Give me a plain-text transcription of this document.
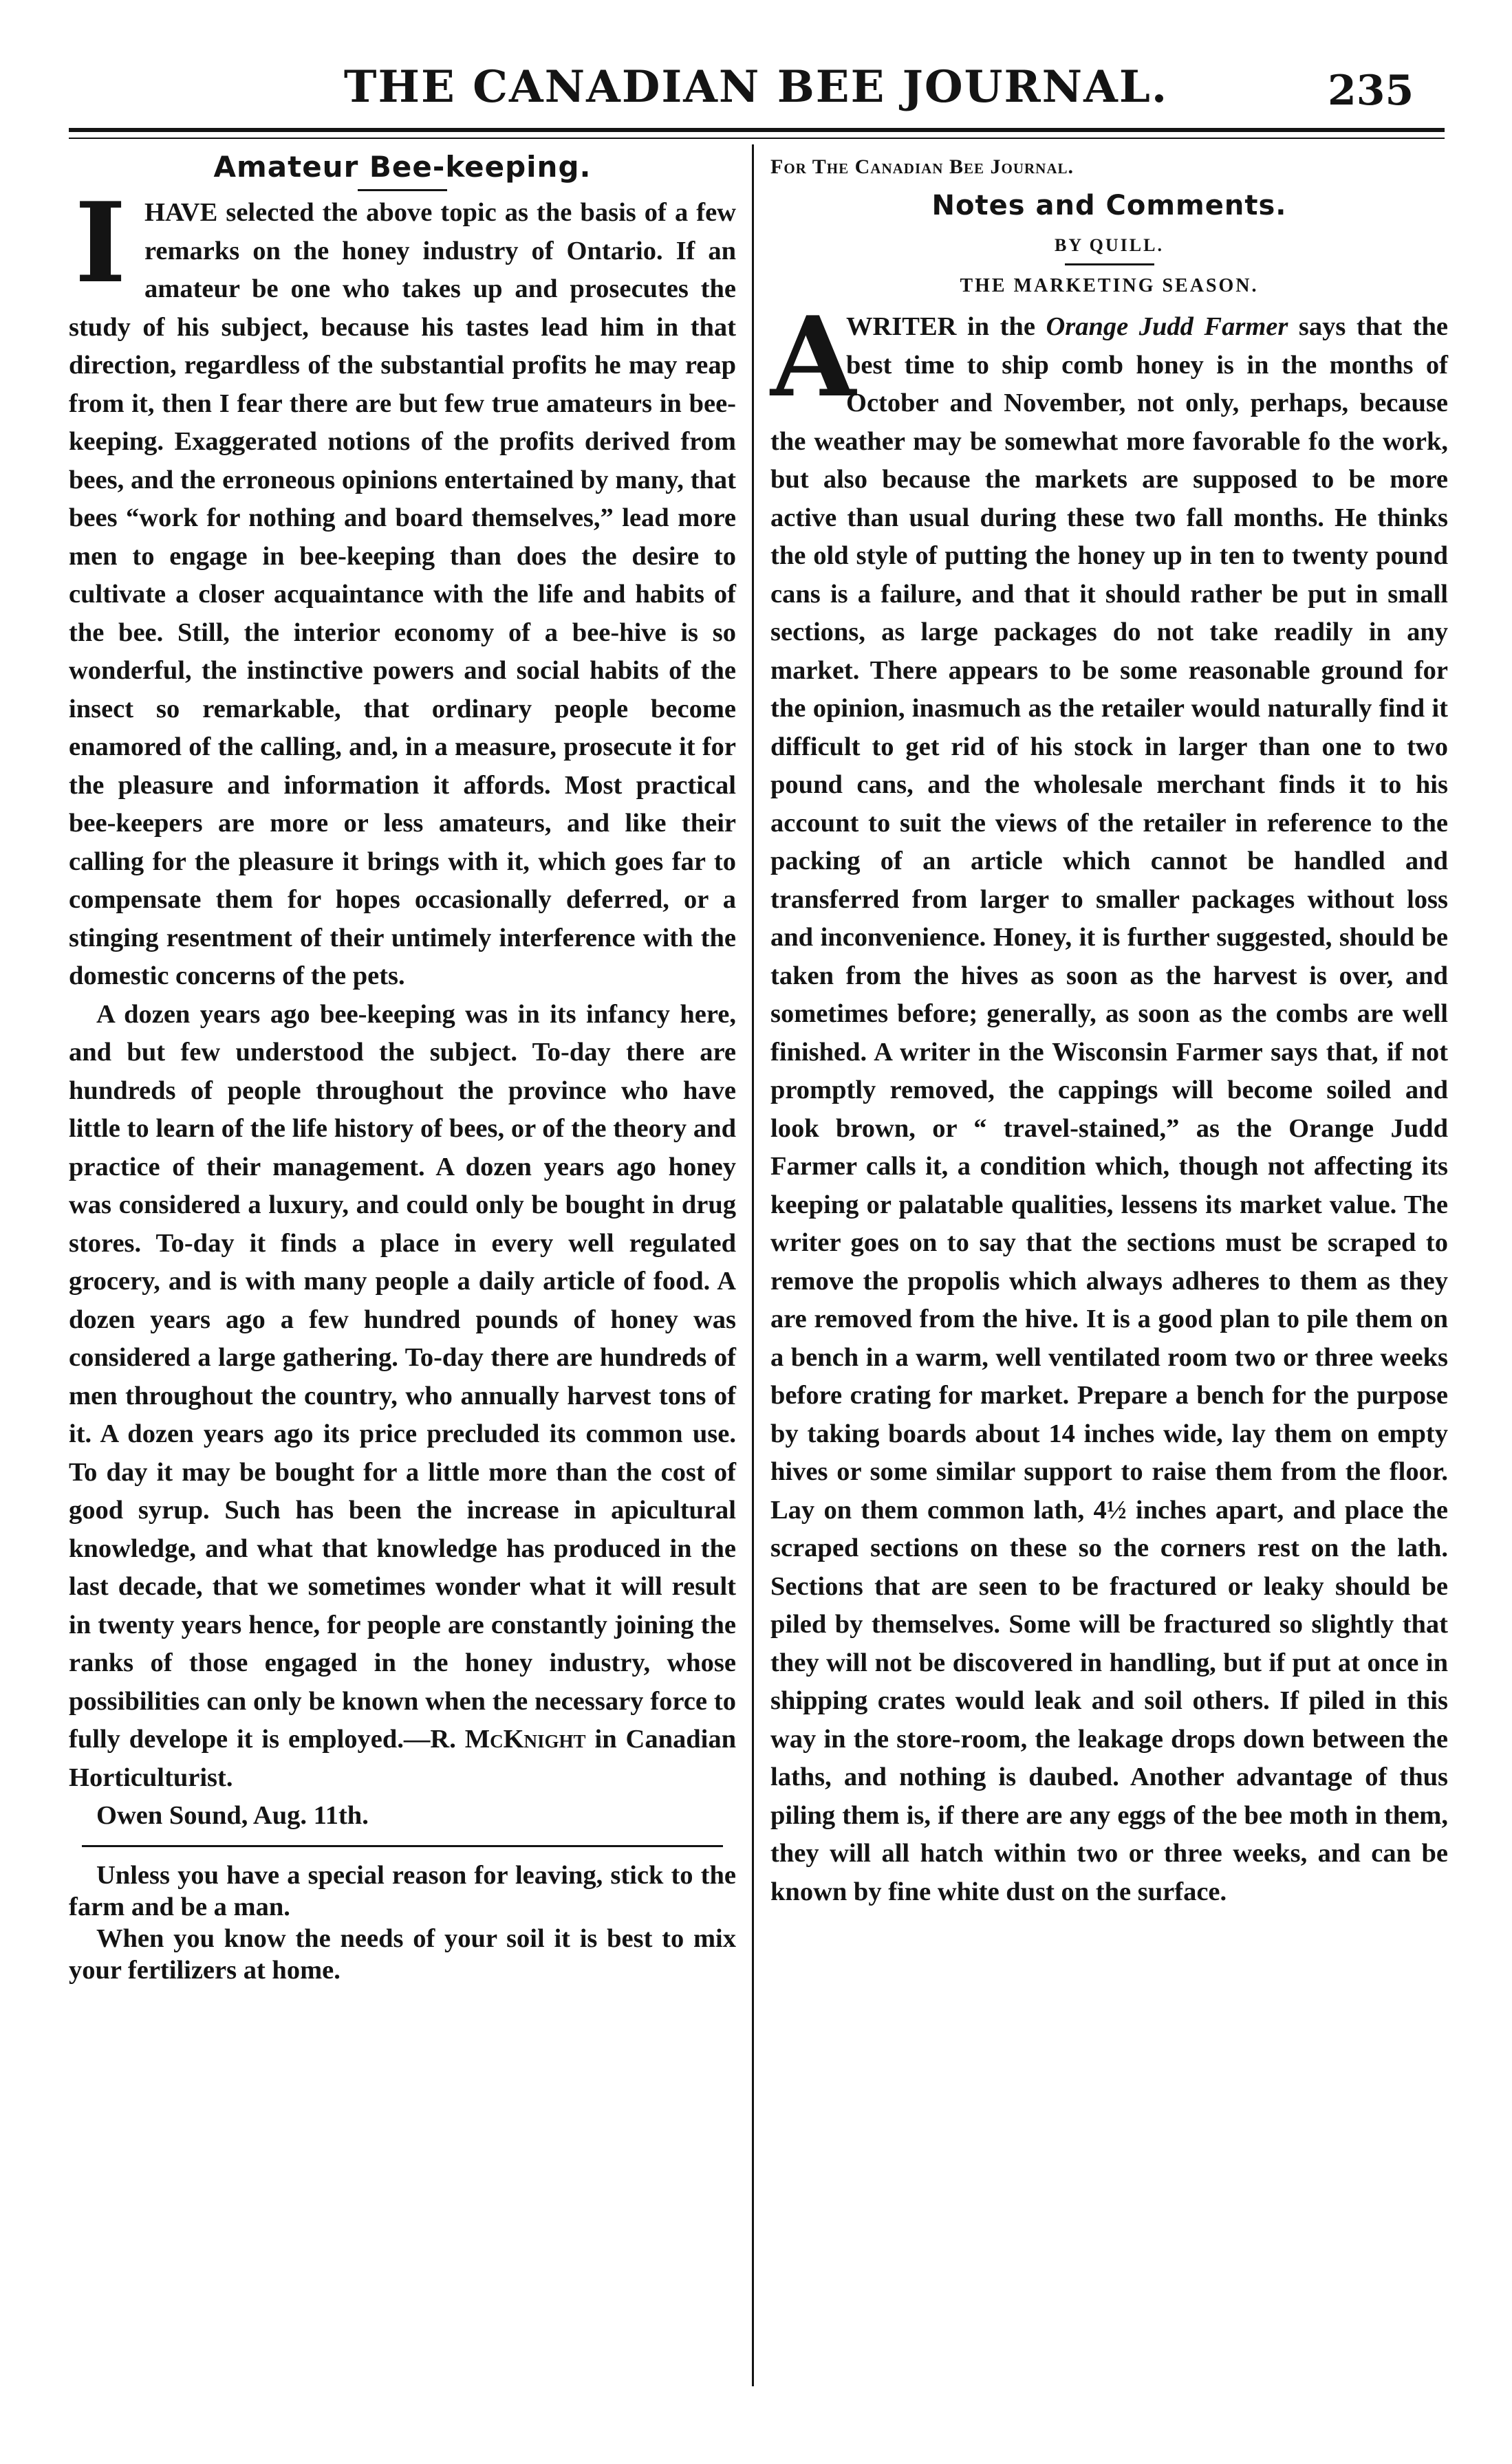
THE CANADIAN BEE JOURNAL.	235
Amateur Bee-keeping.

IHAVE selected the above topic as the basis of a few remarks on the honey industry of Ontario. If an amateur be one who takes up and prosecutes the study of his subject, because his tastes lead him in that direction, regardless of the substantial profits he may reap from it, then I fear there are but few true amateurs in bee-keeping. Exaggerated notions of the profits derived from bees, and the erroneous opinions entertained by many, that bees “work for nothing and board themselves,” lead more men to engage in bee-keeping than does the desire to cultivate a closer acquaintance with the life and habits of the bee. Still, the interior economy of a bee-hive is so wonderful, the instinctive powers and social habits of the insect so remarkable, that ordinary people become enamored of the calling, and, in a measure, prosecute it for the pleasure and information it affords. Most practical bee-keepers are more or less amateurs, and like their calling for the pleasure it brings with it, which goes far to compensate them for hopes occasionally deferred, or a stinging resentment of their untimely interference with the domestic concerns of the pets.

A dozen years ago bee-keeping was in its infancy here, and but few understood the subject. To-day there are hundreds of people throughout the province who have little to learn of the life history of bees, or of the theory and practice of their management. A dozen years ago honey was considered a luxury, and could only be bought in drug stores. To-day it finds a place in every well regulated grocery, and is with many people a daily article of food. A dozen years ago a few hundred pounds of honey was considered a large gathering. To-day there are hundreds of men throughout the country, who annually harvest tons of it. A dozen years ago its price precluded its common use. To day it may be bought for a little more than the cost of good syrup. Such has been the increase in apicultural knowledge, and what that knowledge has produced in the last decade, that we sometimes wonder what it will result in twenty years hence, for people are constantly joining the ranks of those engaged in the honey industry, whose possibilities can only be known when the necessary force to fully develope it is employed.—R. McKnight in Canadian Horticulturist.

Owen Sound, Aug. 11th.

Unless you have a special reason for leaving, stick to the farm and be a man.

When you know the needs of your soil it is best to mix your fertilizers at home.

For The Canadian Bee Journal.
Notes and Comments.
BY QUILL.
THE MARKETING SEASON.

A
WRITER in the Orange Judd Farmer says that the best time to ship comb honey is in the months of October and November, not only, perhaps, because the weather may be somewhat more favorable fo the work, but also because the markets are supposed to be more active than usual during these two fall months. He thinks the old style of putting the honey up in ten to twenty pound cans is a failure, and that it should rather be put in small sections, as large packages do not take readily in any market. There appears to be some reasonable ground for the opinion, inasmuch as the retailer would naturally find it difficult to get rid of his stock in larger than one to two pound cans, and the wholesale merchant finds it to his account to suit the views of the retailer in reference to the packing of an article which cannot be handled and transferred from larger to smaller packages without loss and inconvenience. Honey, it is further suggested, should be taken from the hives as soon as the harvest is over, and sometimes before; generally, as soon as the combs are well finished. A writer in the Wisconsin Farmer says that, if not promptly removed, the cappings will become soiled and look brown, or “ travel-stained,” as the Orange Judd Farmer calls it, a condition which, though not affecting its keeping or palatable qualities, lessens its market value. The writer goes on to say that the sections must be scraped to remove the propolis which always adheres to them as they are removed from the hive. It is a good plan to pile them on a bench in a warm, well ventilated room two or three weeks before crating for market. Prepare a bench for the purpose by taking boards about 14 inches wide, lay them on empty hives or some similar support to raise them from the floor. Lay on them common lath, 4½ inches apart, and place the scraped sections on these so the corners rest on the lath. Sections that are seen to be fractured or leaky should be piled by themselves. Some will be fractured so slightly that they will not be discovered in handling, but if put at once in shipping crates would leak and soil others. If piled in this way in the store-room, the leakage drops down between the laths, and nothing is daubed. Another advantage of thus piling them is, if there are any eggs of the bee moth in them, they will all hatch within two or three weeks, and can be known by fine white dust on the surface.
